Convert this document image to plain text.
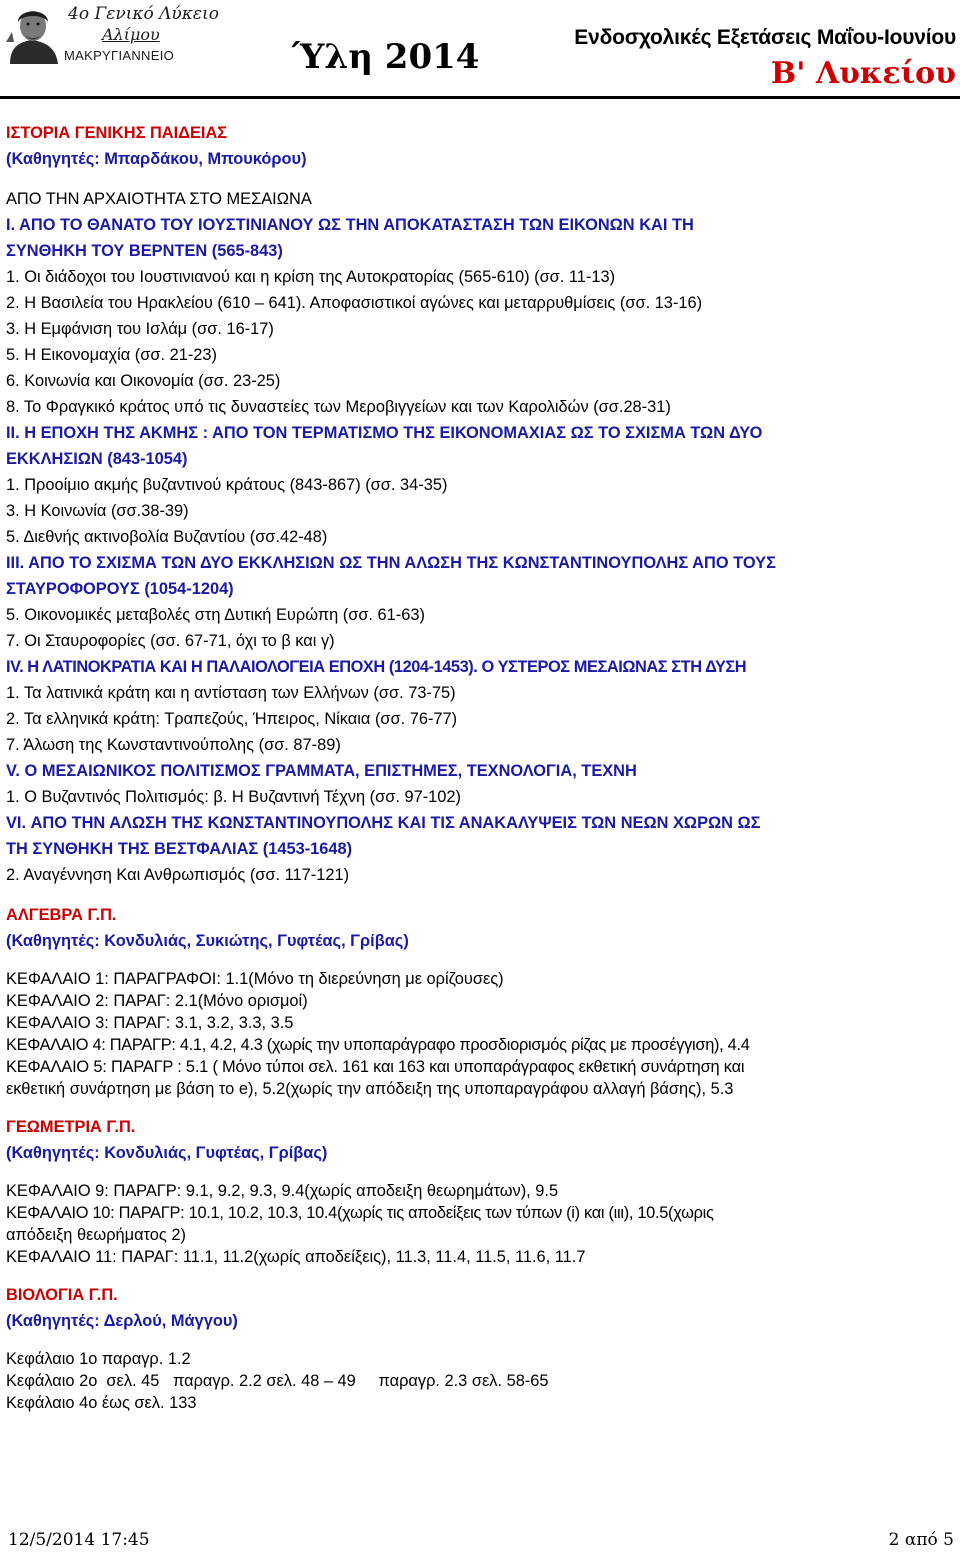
4ο Γενικό Λύκειο
Αλίμου
ΜΑΚΡΥΓΙΑΝΝΕΙΟ	Ύλη 2014	Ενδοσχολικές Εξετάσεις Μαΐου-Ιουνίου
Β' Λυκείου
ΙΣΤΟΡΙΑ ΓΕΝΙΚΗΣ ΠΑΙΔΕΙΑΣ
(Καθηγητές: Μπαρδάκου, Μπουκόρου)
ΑΠΟ ΤΗΝ ΑΡΧΑΙΟΤΗΤΑ ΣΤΟ ΜΕΣΑΙΩΝΑ
Ι. ΑΠΟ ΤΟ ΘΑΝΑΤΟ ΤΟΥ ΙΟΥΣΤΙΝΙΑΝΟΥ ΩΣ ΤΗΝ ΑΠΟΚΑΤΑΣΤΑΣΗ ΤΩΝ ΕΙΚΟΝΩΝ ΚΑΙ ΤΗ
ΣΥΝΘΗΚΗ ΤΟΥ ΒΕΡΝΤΕΝ (565-843)
1. Οι διάδοχοι του Ιουστινιανού και η κρίση της Αυτοκρατορίας (565-610) (σσ. 11-13)
2. Η Βασιλεία του Ηρακλείου (610 – 641). Αποφασιστικοί αγώνες και μεταρρυθμίσεις (σσ. 13-16)
3. Η Εμφάνιση του Ισλάμ (σσ. 16-17)
5. Η Εικονομαχία (σσ. 21-23)
6. Κοινωνία και Οικονομία (σσ. 23-25)
8. Το Φραγκικό κράτος υπό τις δυναστείες των Μεροβιγγείων και των Καρολιδών (σσ.28-31)
ΙΙ. Η ΕΠΟΧΗ ΤΗΣ ΑΚΜΗΣ : ΑΠΟ ΤΟΝ ΤΕΡΜΑΤΙΣΜΟ ΤΗΣ ΕΙΚΟΝΟΜΑΧΙΑΣ ΩΣ ΤΟ ΣΧΙΣΜΑ ΤΩΝ ΔΥΟ
ΕΚΚΛΗΣΙΩΝ (843-1054)
1. Προοίμιο ακμής βυζαντινού κράτους (843-867) (σσ. 34-35)
3. Η Κοινωνία (σσ.38-39)
5. Διεθνής ακτινοβολία Βυζαντίου (σσ.42-48)
ΙΙΙ. ΑΠΟ ΤΟ ΣΧΙΣΜΑ ΤΩΝ ΔΥΟ ΕΚΚΛΗΣΙΩΝ ΩΣ ΤΗΝ ΑΛΩΣΗ ΤΗΣ ΚΩΝΣΤΑΝΤΙΝΟΥΠΟΛΗΣ ΑΠΟ ΤΟΥΣ
ΣΤΑΥΡΟΦΟΡΟΥΣ (1054-1204)
5. Οικονομικές μεταβολές στη Δυτική Ευρώπη (σσ. 61-63)
7. Οι Σταυροφορίες (σσ. 67-71, όχι το β και γ)
IV. Η ΛΑΤΙΝΟΚΡΑΤΙΑ ΚΑΙ Η ΠΑΛΑΙΟΛΟΓΕΙΑ ΕΠΟΧΗ (1204-1453). Ο ΥΣΤΕΡΟΣ ΜΕΣΑΙΩΝΑΣ ΣΤΗ ΔΥΣΗ
1. Τα λατινικά κράτη και η αντίσταση των Ελλήνων (σσ. 73-75)
2. Τα ελληνικά κράτη: Τραπεζούς, Ήπειρος, Νίκαια (σσ. 76-77)
7. Άλωση της Κωνσταντινούπολης (σσ. 87-89)
V. Ο ΜΕΣΑΙΩΝΙΚΟΣ ΠΟΛΙΤΙΣΜΟΣ ΓΡΑΜΜΑΤΑ, ΕΠΙΣΤΗΜΕΣ, ΤΕΧΝΟΛΟΓΙΑ, ΤΕΧΝΗ
1. Ο Βυζαντινός Πολιτισμός: β. Η Βυζαντινή Τέχνη (σσ. 97-102)
VI. ΑΠΟ ΤΗΝ ΑΛΩΣΗ ΤΗΣ ΚΩΝΣΤΑΝΤΙΝΟΥΠΟΛΗΣ ΚΑΙ ΤΙΣ ΑΝΑΚΑΛΥΨΕΙΣ ΤΩΝ ΝΕΩΝ ΧΩΡΩΝ ΩΣ
ΤΗ ΣΥΝΘΗΚΗ ΤΗΣ ΒΕΣΤΦΑΛΙΑΣ (1453-1648)
2. Αναγέννηση Και Ανθρωπισμός (σσ. 117-121)
ΑΛΓΕΒΡΑ Γ.Π.
(Καθηγητές: Κονδυλιάς, Συκιώτης, Γυφτέας, Γρίβας)
ΚΕΦΑΛΑΙΟ 1: ΠΑΡΑΓΡΑΦΟΙ: 1.1(Μόνο τη διερεύνηση με ορίζουσες)
ΚΕΦΑΛΑΙΟ 2: ΠΑΡΑΓ: 2.1(Μόνο ορισμοί)
ΚΕΦΑΛΑΙΟ 3: ΠΑΡΑΓ: 3.1, 3.2, 3.3, 3.5
ΚΕΦΑΛΑΙΟ 4: ΠΑΡΑΓΡ: 4.1, 4.2, 4.3 (χωρίς την υποπαράγραφο προσδιορισμός ρίζας με προσέγγιση), 4.4
ΚΕΦΑΛΑΙΟ 5: ΠΑΡΑΓΡ : 5.1 ( Μόνο τύποι σελ. 161 και 163 και υποπαράγραφος εκθετική συνάρτηση και
εκθετική συνάρτηση με βάση το e), 5.2(χωρίς την απόδειξη της υποπαραγράφου αλλαγή βάσης), 5.3
ΓΕΩΜΕΤΡΙΑ Γ.Π.
(Καθηγητές: Κονδυλιάς, Γυφτέας, Γρίβας)
ΚΕΦΑΛΑΙΟ 9: ΠΑΡΑΓΡ: 9.1, 9.2, 9.3, 9.4(χωρίς αποδειξη θεωρημάτων), 9.5
ΚΕΦΑΛΑΙΟ 10: ΠΑΡΑΓΡ: 10.1, 10.2, 10.3, 10.4(χωρίς τις αποδείξεις των τύπων (i) και (ιιι), 10.5(χωρις
απόδειξη θεωρήματος 2)
ΚΕΦΑΛΑΙΟ 11: ΠΑΡΑΓ: 11.1, 11.2(χωρίς αποδείξεις), 11.3, 11.4, 11.5, 11.6, 11.7
ΒΙΟΛΟΓΙΑ Γ.Π.
(Καθηγητές: Δερλού, Μάγγου)
Κεφάλαιο 1ο παραγρ. 1.2
Κεφάλαιο 2ο  σελ. 45   παραγρ. 2.2 σελ. 48 – 49     παραγρ. 2.3 σελ. 58-65
Κεφάλαιο 4ο έως σελ. 133
12/5/2014 17:45	2 από 5
